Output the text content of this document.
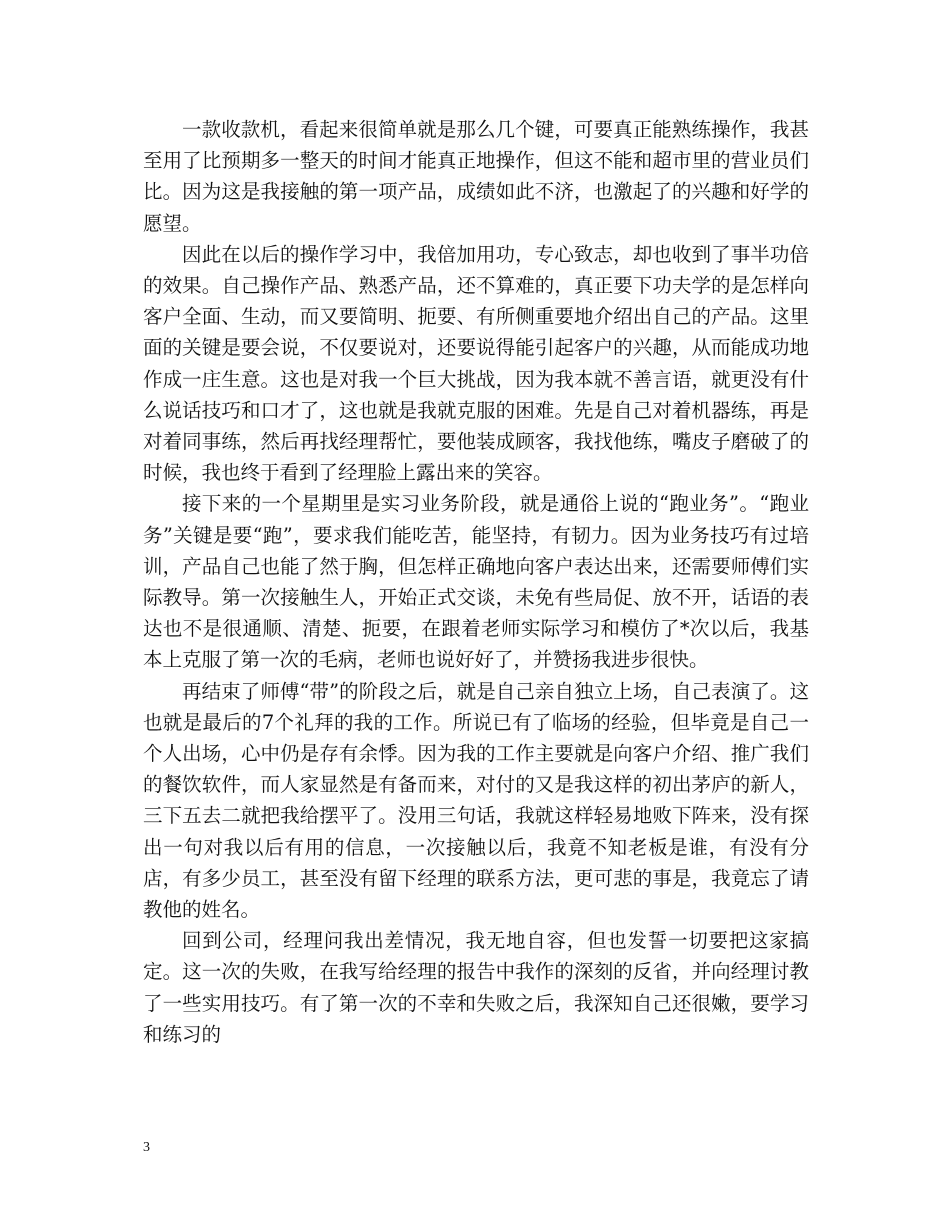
一款收款机，看起来很简单就是那么几个键，可要真正能熟练操作，我甚至用了比预期多一整天的时间才能真正地操作，但这不能和超市里的营业员们比。因为这是我接触的第一项产品，成绩如此不济，也激起了的兴趣和好学的愿望。

因此在以后的操作学习中，我倍加用功，专心致志，却也收到了事半功倍的效果。自己操作产品、熟悉产品，还不算难的，真正要下功夫学的是怎样向客户全面、生动，而又要简明、扼要、有所侧重要地介绍出自己的产品。这里面的关键是要会说，不仅要说对，还要说得能引起客户的兴趣，从而能成功地作成一庄生意。这也是对我一个巨大挑战，因为我本就不善言语，就更没有什么说话技巧和口才了，这也就是我就克服的困难。先是自己对着机器练，再是对着同事练，然后再找经理帮忙，要他装成顾客，我找他练，嘴皮子磨破了的时候，我也终于看到了经理脸上露出来的笑容。

接下来的一个星期里是实习业务阶段，就是通俗上说的“跑业务”。“跑业务”关键是要“跑”，要求我们能吃苦，能坚持，有韧力。因为业务技巧有过培训，产品自己也能了然于胸，但怎样正确地向客户表达出来，还需要师傅们实际教导。第一次接触生人，开始正式交谈，未免有些局促、放不开，话语的表达也不是很通顺、清楚、扼要，在跟着老师实际学习和模仿了*次以后，我基本上克服了第一次的毛病，老师也说好好了，并赞扬我进步很快。

再结束了师傅“带”的阶段之后，就是自己亲自独立上场，自己表演了。这也就是最后的7个礼拜的我的工作。所说已有了临场的经验，但毕竟是自己一个人出场，心中仍是存有余悸。因为我的工作主要就是向客户介绍、推广我们的餐饮软件，而人家显然是有备而来，对付的又是我这样的初出茅庐的新人，三下五去二就把我给摆平了。没用三句话，我就这样轻易地败下阵来，没有探出一句对我以后有用的信息，一次接触以后，我竟不知老板是谁，有没有分店，有多少员工，甚至没有留下经理的联系方法，更可悲的事是，我竟忘了请教他的姓名。

回到公司，经理问我出差情况，我无地自容，但也发誓一切要把这家搞定。这一次的失败，在我写给经理的报告中我作的深刻的反省，并向经理讨教了一些实用技巧。有了第一次的不幸和失败之后，我深知自己还很嫩，要学习和练习的

3
